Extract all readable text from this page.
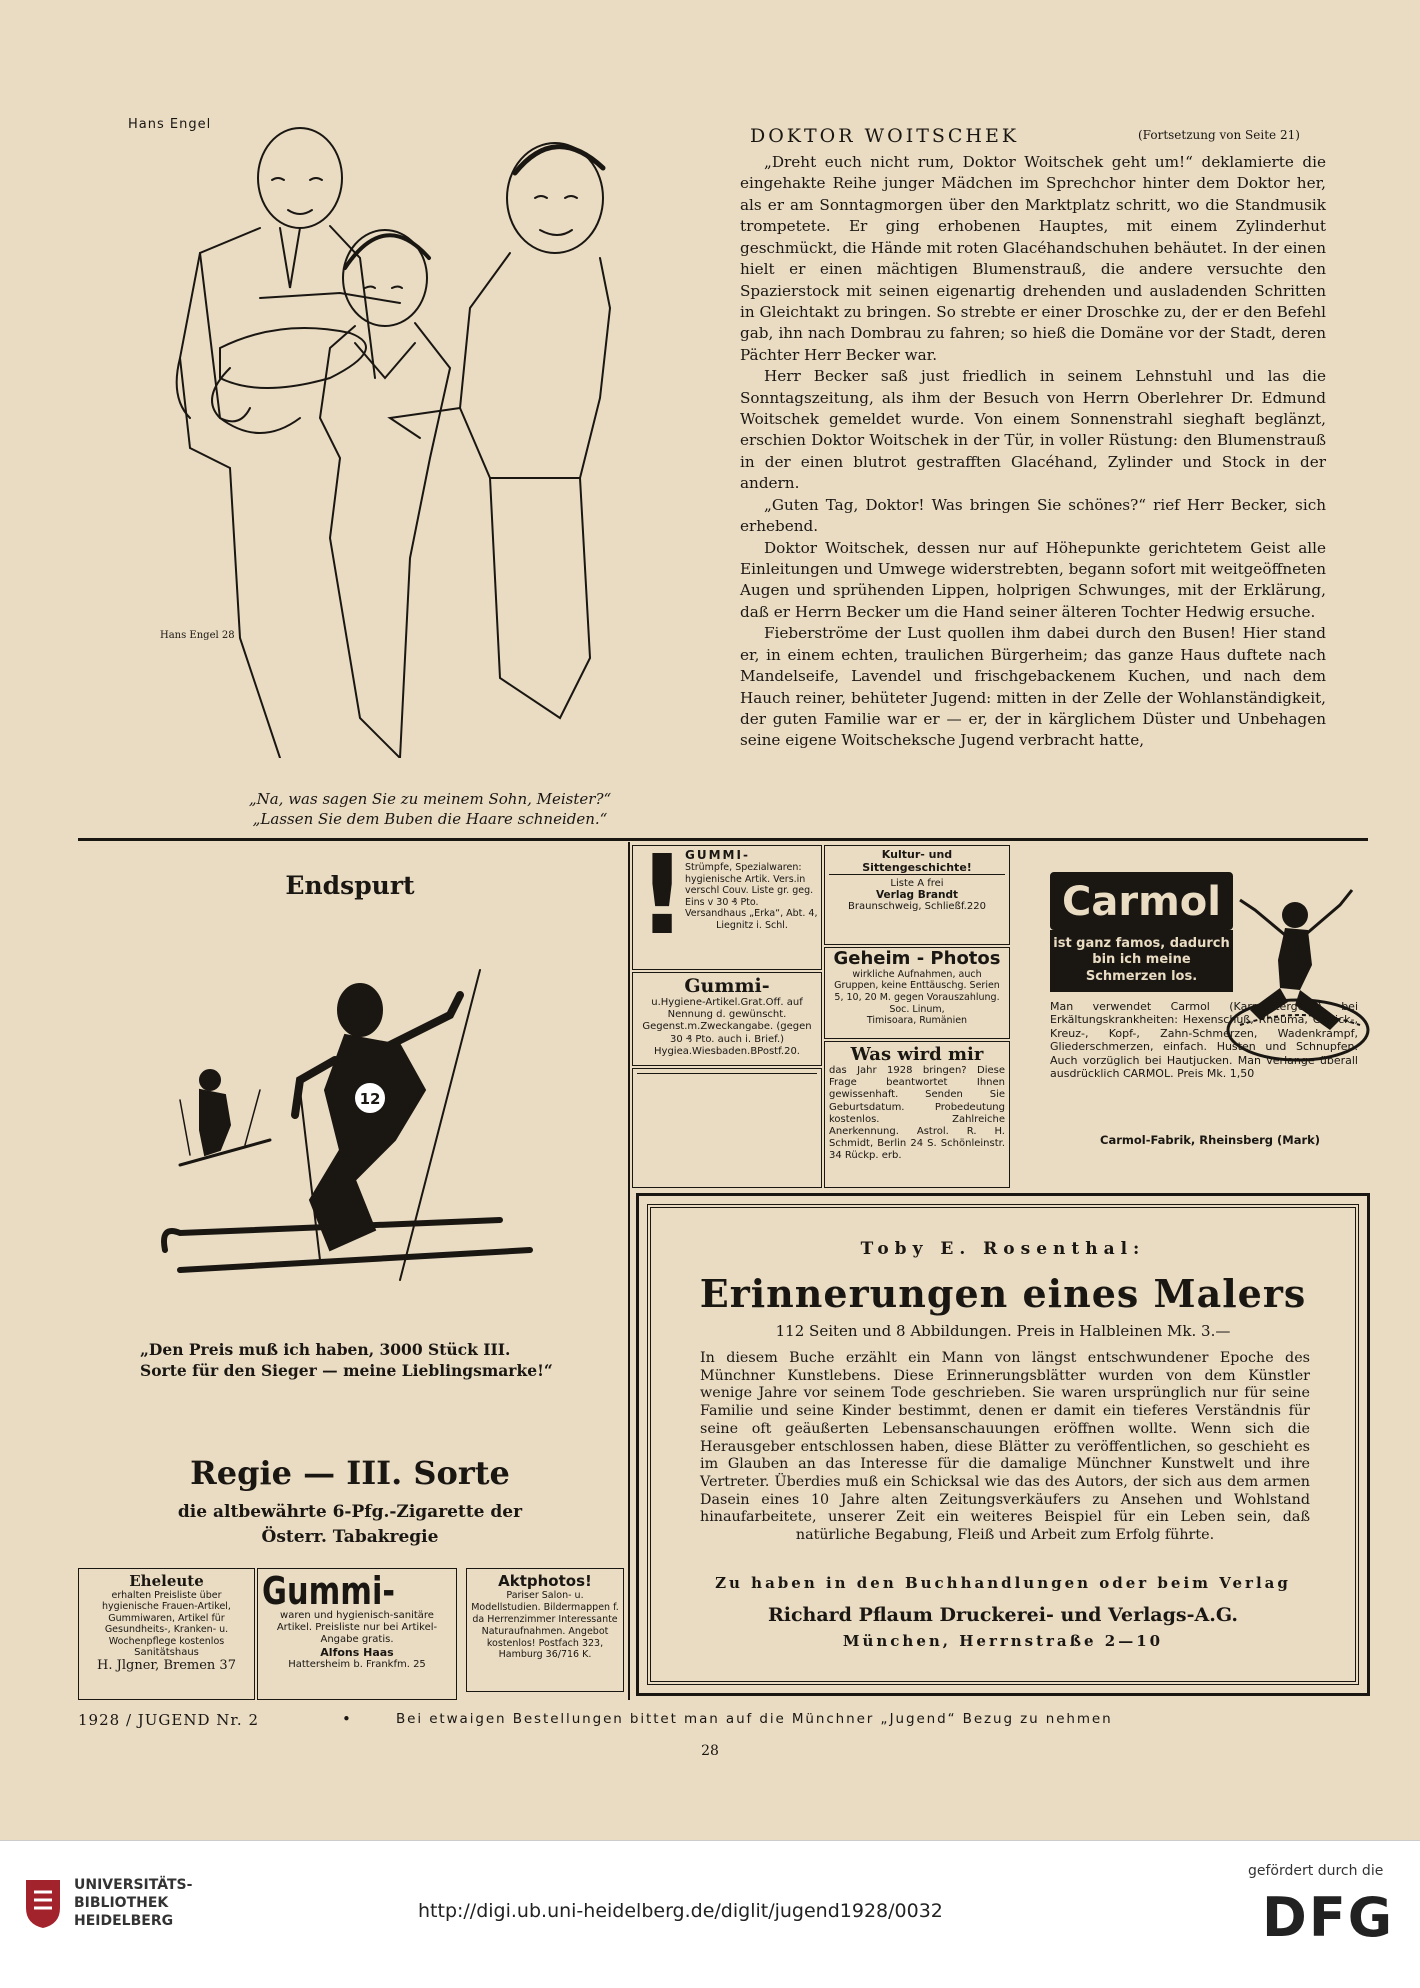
Hans Engel
Hans Engel 28
„Na, was sagen Sie zu meinem Sohn, Meister?“
„Lassen Sie dem Buben die Haare schneiden.“
DOKTOR WOITSCHEK	(Fortsetzung von Seite 21)

„Dreht euch nicht rum, Doktor Woitschek geht um!“ deklamierte die eingehakte Reihe junger Mädchen im Sprechchor hinter dem Doktor her, als er am Sonntagmorgen über den Marktplatz schritt, wo die Standmusik trompetete. Er ging erhobenen Hauptes, mit einem Zylinderhut geschmückt, die Hände mit roten Glacéhandschuhen behäutet. In der einen hielt er einen mächtigen Blumenstrauß, die andere versuchte den Spazierstock mit seinen eigenartig drehenden und ausladenden Schritten in Gleichtakt zu bringen. So strebte er einer Droschke zu, der er den Befehl gab, ihn nach Dombrau zu fahren; so hieß die Domäne vor der Stadt, deren Pächter Herr Becker war.

Herr Becker saß just friedlich in seinem Lehnstuhl und las die Sonntagszeitung, als ihm der Besuch von Herrn Oberlehrer Dr. Edmund Woitschek gemeldet wurde. Von einem Sonnenstrahl sieghaft beglänzt, erschien Doktor Woitschek in der Tür, in voller Rüstung: den Blumenstrauß in der einen blutrot gestrafften Glacéhand, Zylinder und Stock in der andern.

„Guten Tag, Doktor! Was bringen Sie schönes?“ rief Herr Becker, sich erhebend.

Doktor Woitschek, dessen nur auf Höhepunkte gerichtetem Geist alle Einleitungen und Umwege widerstrebten, begann sofort mit weitgeöffneten Augen und sprühenden Lippen, holprigen Schwunges, mit der Erklärung, daß er Herrn Becker um die Hand seiner älteren Tochter Hedwig ersuche.

Fieberströme der Lust quollen ihm dabei durch den Busen! Hier stand er, in einem echten, traulichen Bürgerheim; das ganze Haus duftete nach Mandelseife, Lavendel und frischgebackenem Kuchen, und nach dem Hauch reiner, behüteter Jugend: mitten in der Zelle der Wohlanständigkeit, der guten Familie war er — er, der in kärglichem Düster und Unbehagen seine eigene Woitscheksche Jugend verbracht hatte,

Endspurt
12
„Den Preis muß ich haben, 3000 Stück III. Sorte für den Sieger — meine Lieblingsmarke!“
Regie — III. Sorte
die altbewährte 6-Pfg.-Zigarette der
Österr. Tabakregie
Eheleute
erhalten Preisliste über hygienische Frauen-Artikel, Gummiwaren, Artikel für Gesundheits-, Kranken- u. Wochenpflege kostenlos
Sanitätshaus
H. Jlgner, Bremen 37
Gummi-
waren und hygienisch-sanitäre Artikel. Preisliste nur bei Artikel-Angabe gratis.
Alfons Haas
Hattersheim b. Frankfm. 25
Aktphotos!
Pariser Salon- u. Modellstudien. Bildermappen f. da Herrenzimmer Interessante Naturaufnahmen. Angebot kostenlos! Postfach 323, Hamburg 36/716 K.
!
GUMMI-
Strümpfe, Spezialwaren: hygienische Artik. Vers.in verschl Couv. Liste gr. geg. Eins v 30 ₰ Pto. Versandhaus „Erka“, Abt. 4,
Liegnitz i. Schl.
Gummi-
u.Hygiene-Artikel.Grat.Off. auf Nennung d. gewünscht. Gegenst.m.Zweckangabe. (gegen 30 ₰ Pto. auch i. Brief.) Hygiea.Wiesbaden.BPostf.20.
Kultur- und
Sittengeschichte!
Liste A frei
Verlag Brandt
Braunschweig, Schließf.220
Geheim - Photos
wirkliche Aufnahmen, auch Gruppen, keine Enttäuschg. Serien 5, 10, 20 M. gegen Vorauszahlung. Soc. Linum,
Timisoara, Rumänien
Was wird mir
das Jahr 1928 bringen? Diese Frage beantwortet Ihnen gewissenhaft. Senden Sie Geburtsdatum. Probedeutung kostenlos. Zahlreiche Anerkennung. Astrol. R. H. Schmidt, Berlin 24 S. Schönleinstr. 34 Rückp. erb.
Carmol
ist ganz famos, dadurch bin ich meine Schmerzen los.
Man verwendet Carmol (Karmelitergeist) bei Erkältungskrankheiten: Hexenschuß, Rheuma, Genick-, Kreuz-, Kopf-, Zahn-Schmerzen, Wadenkrampf, Gliederschmerzen, einfach. Husten und Schnupfen. Auch vorzüglich bei Hautjucken. Man verlange überall ausdrücklich CARMOL. Preis Mk. 1,50
Carmol-Fabrik, Rheinsberg (Mark)
Toby E. Rosenthal:
Erinnerungen eines Malers
112 Seiten und 8 Abbildungen. Preis in Halbleinen Mk. 3.—
In diesem Buche erzählt ein Mann von längst entschwundener Epoche des Münchner Kunstlebens. Diese Erinnerungsblätter wurden von dem Künstler wenige Jahre vor seinem Tode geschrieben. Sie waren ursprünglich nur für seine Familie und seine Kinder bestimmt, denen er damit ein tieferes Verständnis für seine oft geäußerten Lebensanschauungen eröffnen wollte. Wenn sich die Herausgeber entschlossen haben, diese Blätter zu veröffentlichen, so geschieht es im Glauben an das Interesse für die damalige Münchner Kunstwelt und ihre Vertreter. Überdies muß ein Schicksal wie das des Autors, der sich aus dem armen Dasein eines 10 Jahre alten Zeitungsverkäufers zu Ansehen und Wohlstand hinaufarbeitete, unserer Zeit ein weiteres Beispiel für ein Leben sein, daß natürliche Begabung, Fleiß und Arbeit zum Erfolg führte.
Zu haben in den Buchhandlungen oder beim Verlag
Richard Pflaum Druckerei- und Verlags-A.G.
München, Herrnstraße 2—10
1928 / JUGEND Nr. 2	•	Bei etwaigen Bestellungen bittet man auf die Münchner „Jugend“ Bezug zu nehmen
28
UNIVERSITÄTS-
BIBLIOTHEK
HEIDELBERG	http://digi.ub.uni-heidelberg.de/diglit/jugend1928/0032
gefördert durch die
DFG
